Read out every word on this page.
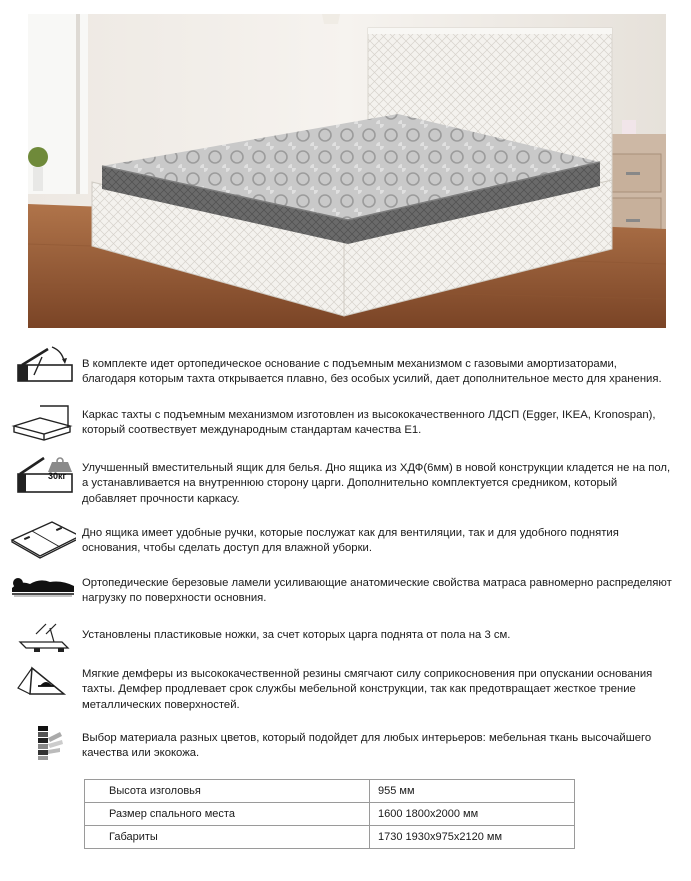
В комплекте идет ортопедическое основание с подъемным механизмом с газовыми амортизаторами, благодаря которым тахта открывается плавно, без особых усилий, дает дополнительное место для хранения.
Каркас тахты с подъемным механизмом изготовлен из высококачественного ЛДСП (Egger, IKEA, Kronospan), который соотвествует международным стандартам качества Е1.
30кг
Улучшенный вместительный ящик для белья. Дно ящика из ХДФ(6мм) в новой конструкции кладется не на пол, а устанавливается на внутреннюю сторону царги. Дополнительно комплектуется средником, который добавляет прочности каркасу.
Дно ящика имеет удобные ручки, которые послужат как для вентиляции, так и для удобного поднятия основания, чтобы сделать доступ для влажной уборки.
Ортопедические березовые ламели усиливающие анатомические свойства матраса равномерно распределяют нагрузку по поверхности основния.
Установлены пластиковые ножки, за счет которых царга поднята от пола на 3 см.
Мягкие демферы из высококачественной резины смягчают силу соприкосновения при опускании основания тахты. Демфер продлевает срок службы мебельной конструкции, так как предотвращает жесткое трение металлических поверхностей.
Выбор материала разных цветов, который подойдет для любых интерьеров: мебельная ткань высочайшего качества или экокожа.
Высота изголовья	955 мм
Размер спального места	1600 1800x2000 мм
Габариты	1730 1930x975x2120 мм
